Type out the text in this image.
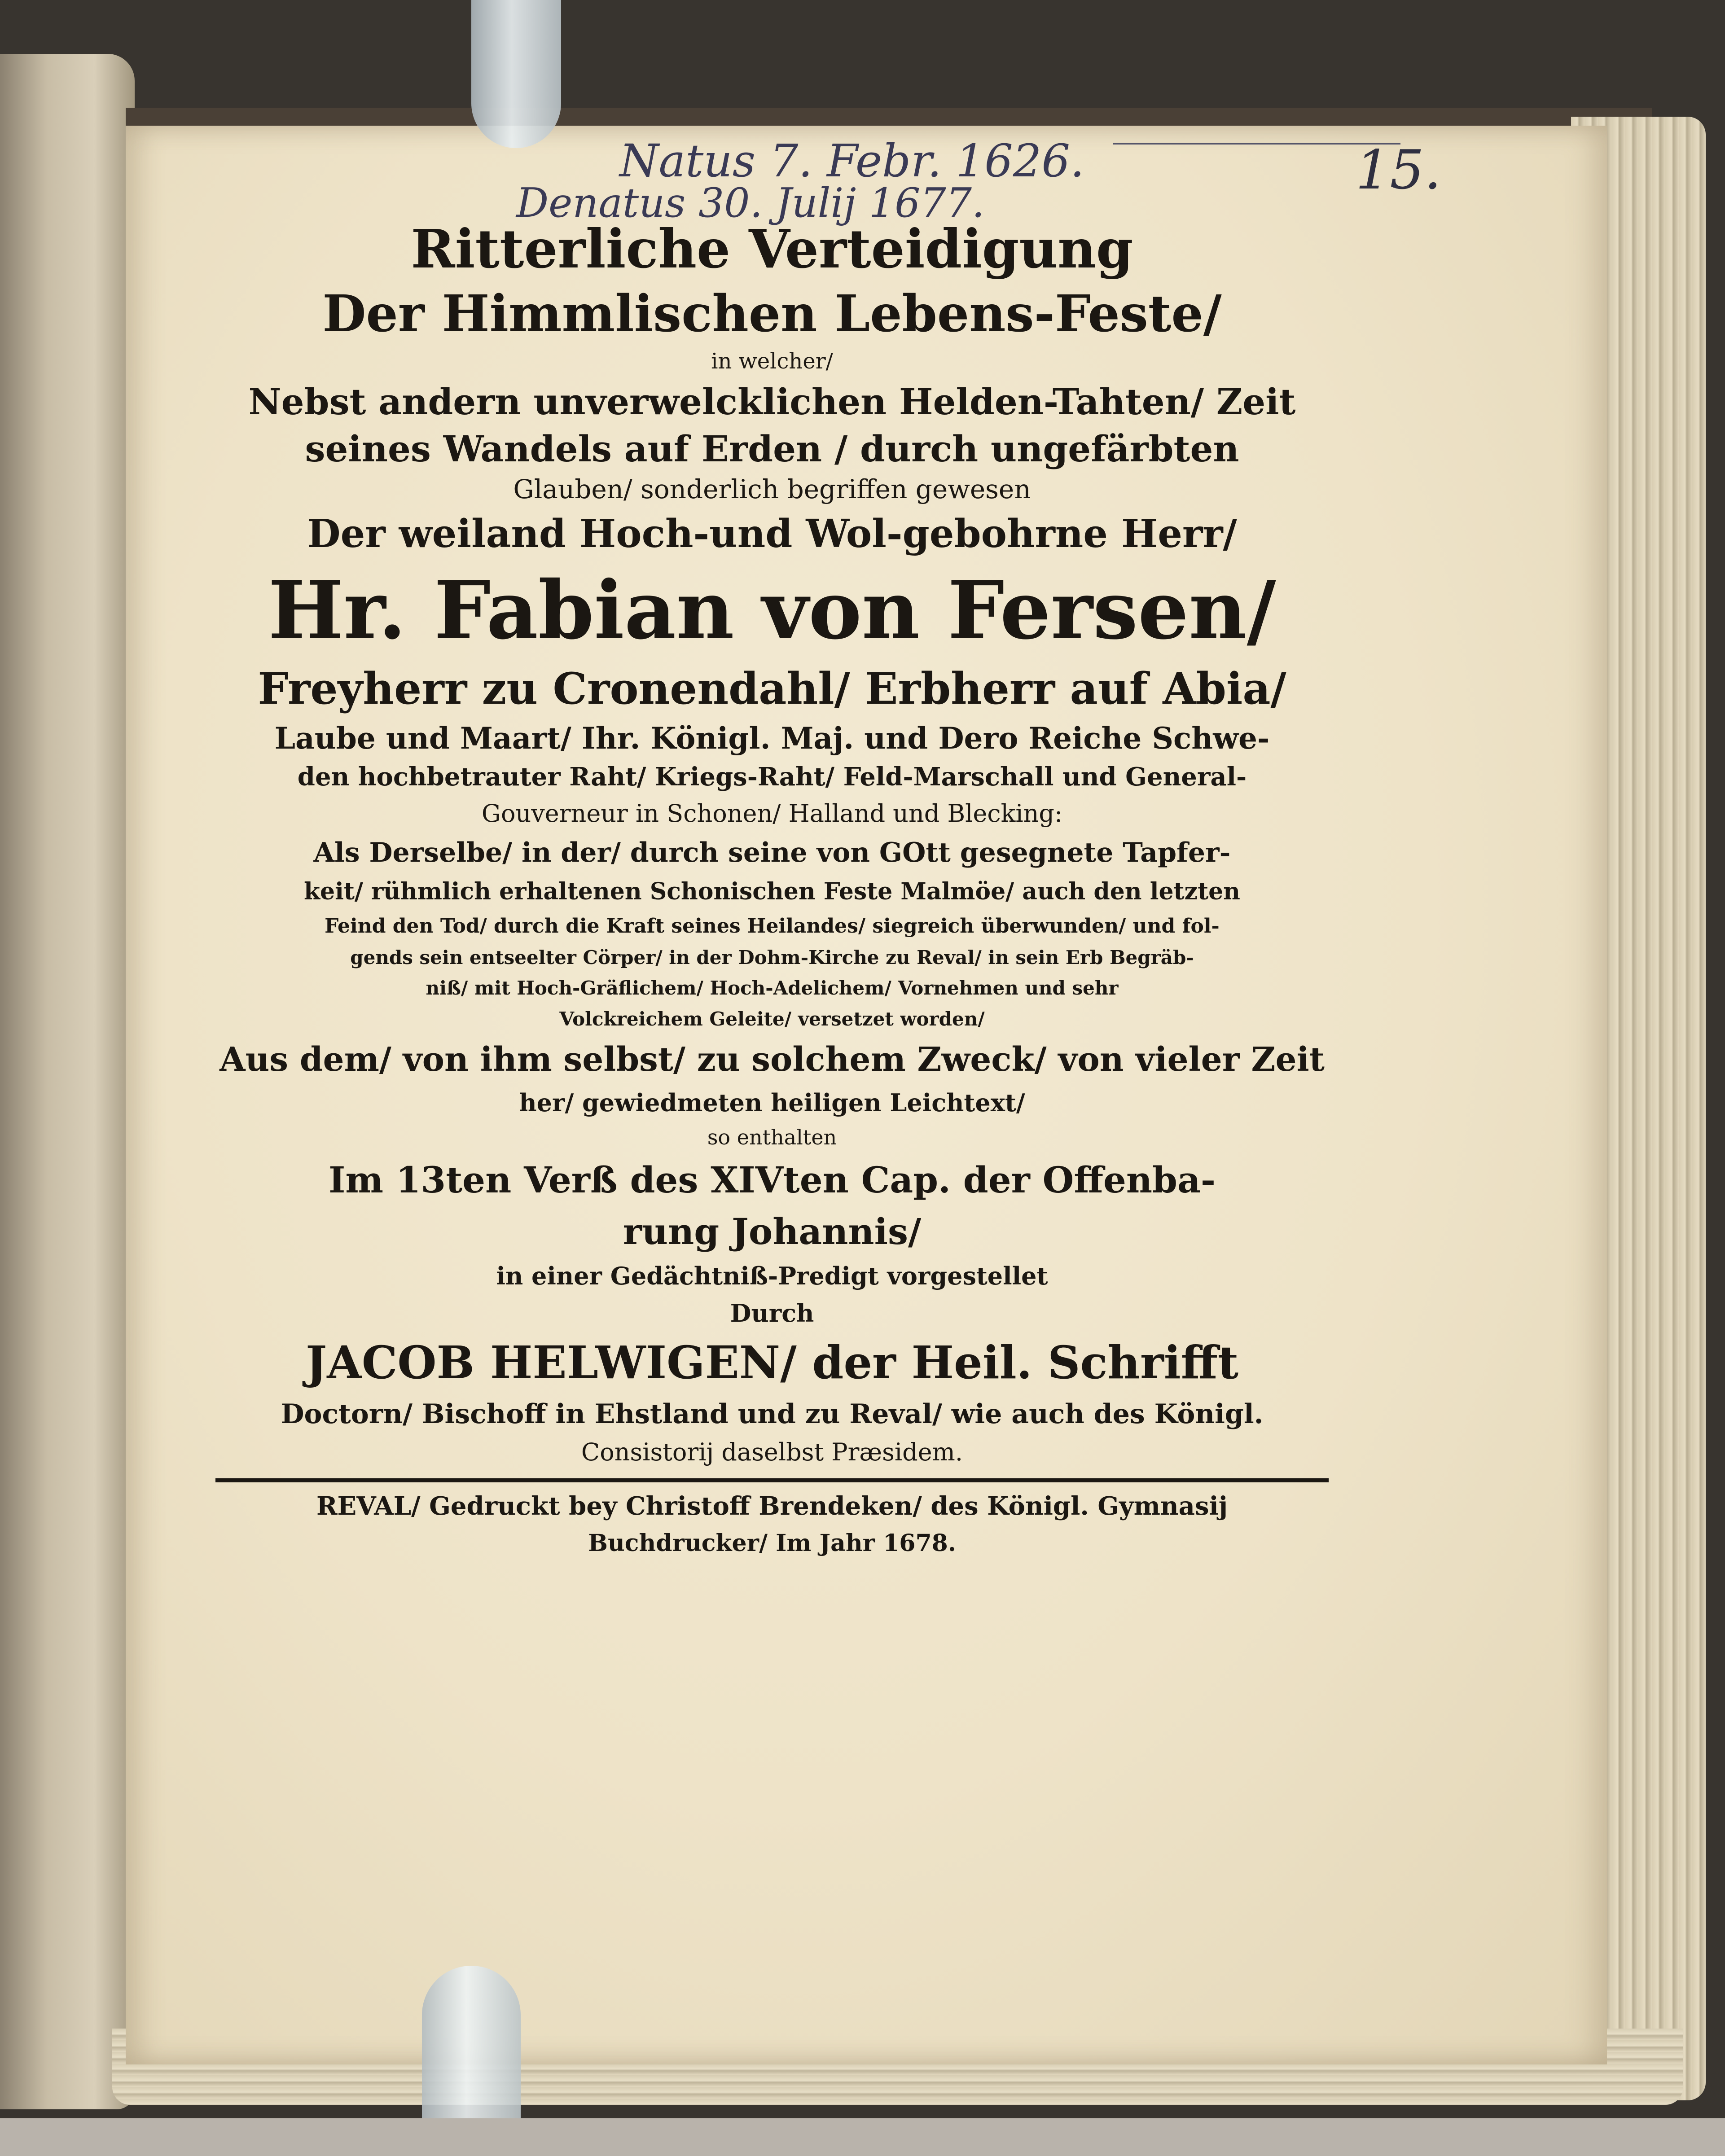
Natus 7. Febr. 1626.
Denatus 30. Julij 1677.
15.
Ritterliche Verteidigung
Der Himmlischen Lebens-Feste/
in welcher/
Nebst andern unverwelcklichen Helden-Tahten/ Zeit
seines Wandels auf Erden / durch ungefärbten
Glauben/ sonderlich begriffen gewesen
Der weiland Hoch-und Wol-gebohrne Herr/
Hr. Fabian von Fersen/
Freyherr zu Cronendahl/ Erbherr auf Abia/
Laube und Maart/ Ihr. Königl. Maj. und Dero Reiche Schwe-
den hochbetrauter Raht/ Kriegs-Raht/ Feld-Marschall und General-
Gouverneur in Schonen/ Halland und Blecking:
Als Derselbe/ in der/ durch seine von GOtt gesegnete Tapfer-
keit/ rühmlich erhaltenen Schonischen Feste Malmöe/ auch den letzten
Feind den Tod/ durch die Kraft seines Heilandes/ siegreich überwunden/ und fol-
gends sein entseelter Cörper/ in der Dohm-Kirche zu Reval/ in sein Erb Begräb-
niß/ mit Hoch-Gräflichem/ Hoch-Adelichem/ Vornehmen und sehr
Volckreichem Geleite/ versetzet worden/
Aus dem/ von ihm selbst/ zu solchem Zweck/ von vieler Zeit
her/ gewiedmeten heiligen Leichtext/
so enthalten
Im 13ten Verß des XIVten Cap. der Offenba-
rung Johannis/
in einer Gedächtniß-Predigt vorgestellet
Durch
JACOB HELWIGEN/ der Heil. Schrifft
Doctorn/ Bischoff in Ehstland und zu Reval/ wie auch des Königl.
Consistorij daselbst Præsidem.
REVAL/ Gedruckt bey Christoff Brendeken/ des Königl. Gymnasij
Buchdrucker/ Im Jahr 1678.
